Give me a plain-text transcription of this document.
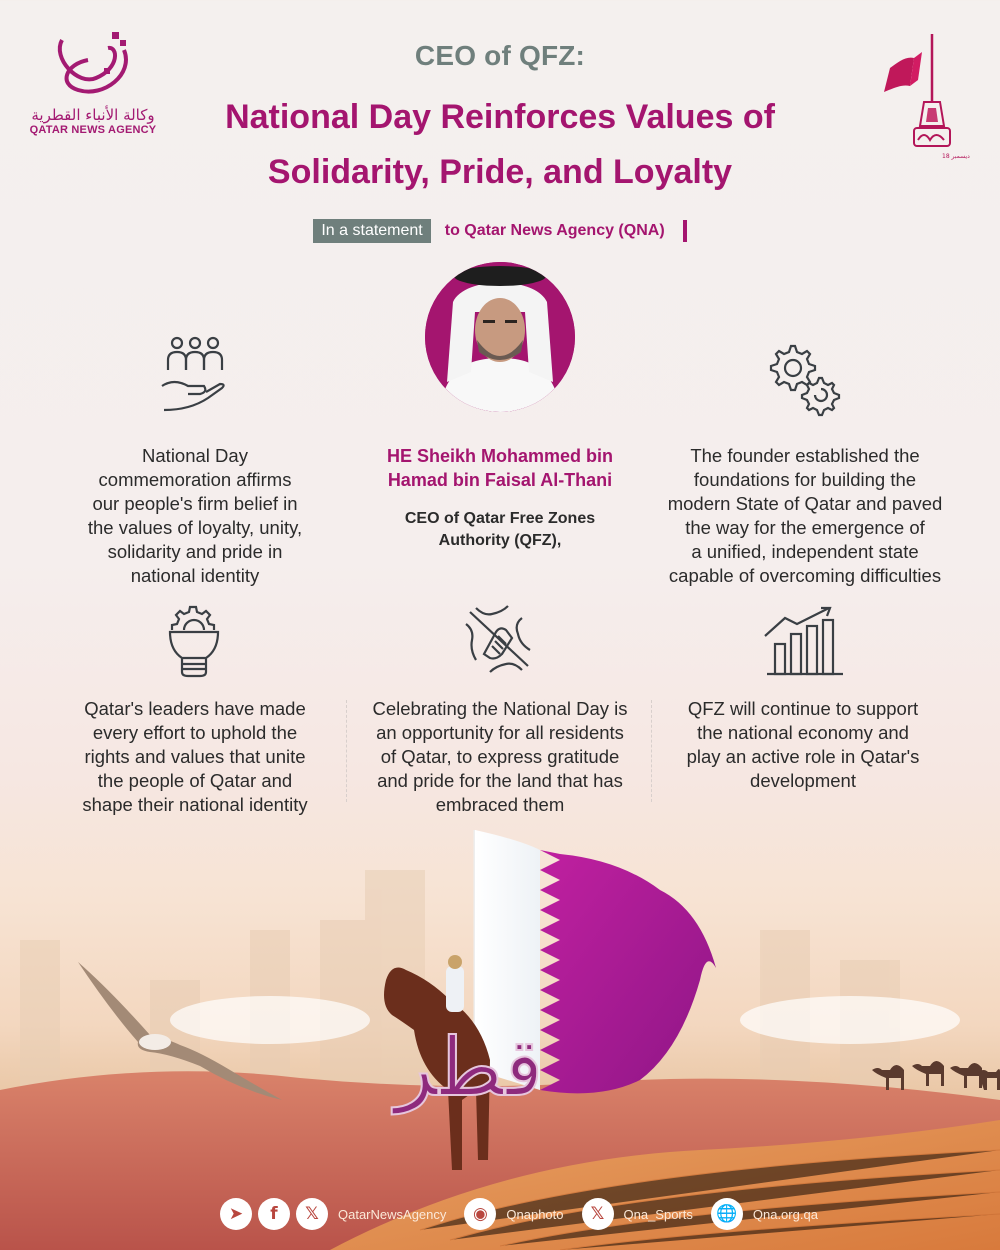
وكالة الأنباء القطرية
QATAR NEWS AGENCY
18 ديسمبر
CEO of QFZ:
National Day Reinforces Values of
Solidarity, Pride, and Loyalty
In a statement	to Qatar News Agency (QNA)
National Day
commemoration affirms
our people's firm belief in
the values of loyalty, unity,
solidarity and pride in
national identity
HE Sheikh Mohammed bin
Hamad bin Faisal Al-Thani
CEO of Qatar Free Zones
Authority (QFZ),
The founder established the
foundations for building the
modern State of Qatar and paved
the way for the emergence of
a unified, independent state
capable of overcoming difficulties
Qatar's leaders have made
every effort to uphold the
rights and values that unite
the people of Qatar and
shape their national identity
Celebrating the National Day is
an opportunity for all residents
of Qatar, to express gratitude
and pride for the land that has
embraced them
QFZ will continue to support
the national economy and
play an active role in Qatar's
development
قطر
➤	f	𝕏	QatarNewsAgency	◉	Qnaphoto	𝕏	Qna_Sports	🌐	Qna.org.qa
